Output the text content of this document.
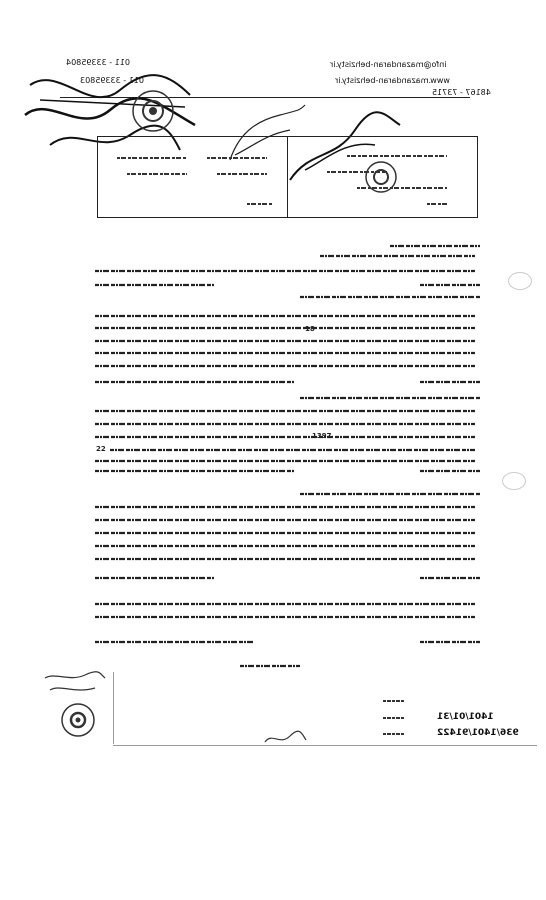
011 - 33395804
011 - 33395803
info@mazandaran-behzisty.ir
www.mazandaran-behzisty.ir
48167 - 73715
22
1397
18
1401/01/31
936/1401/91422
